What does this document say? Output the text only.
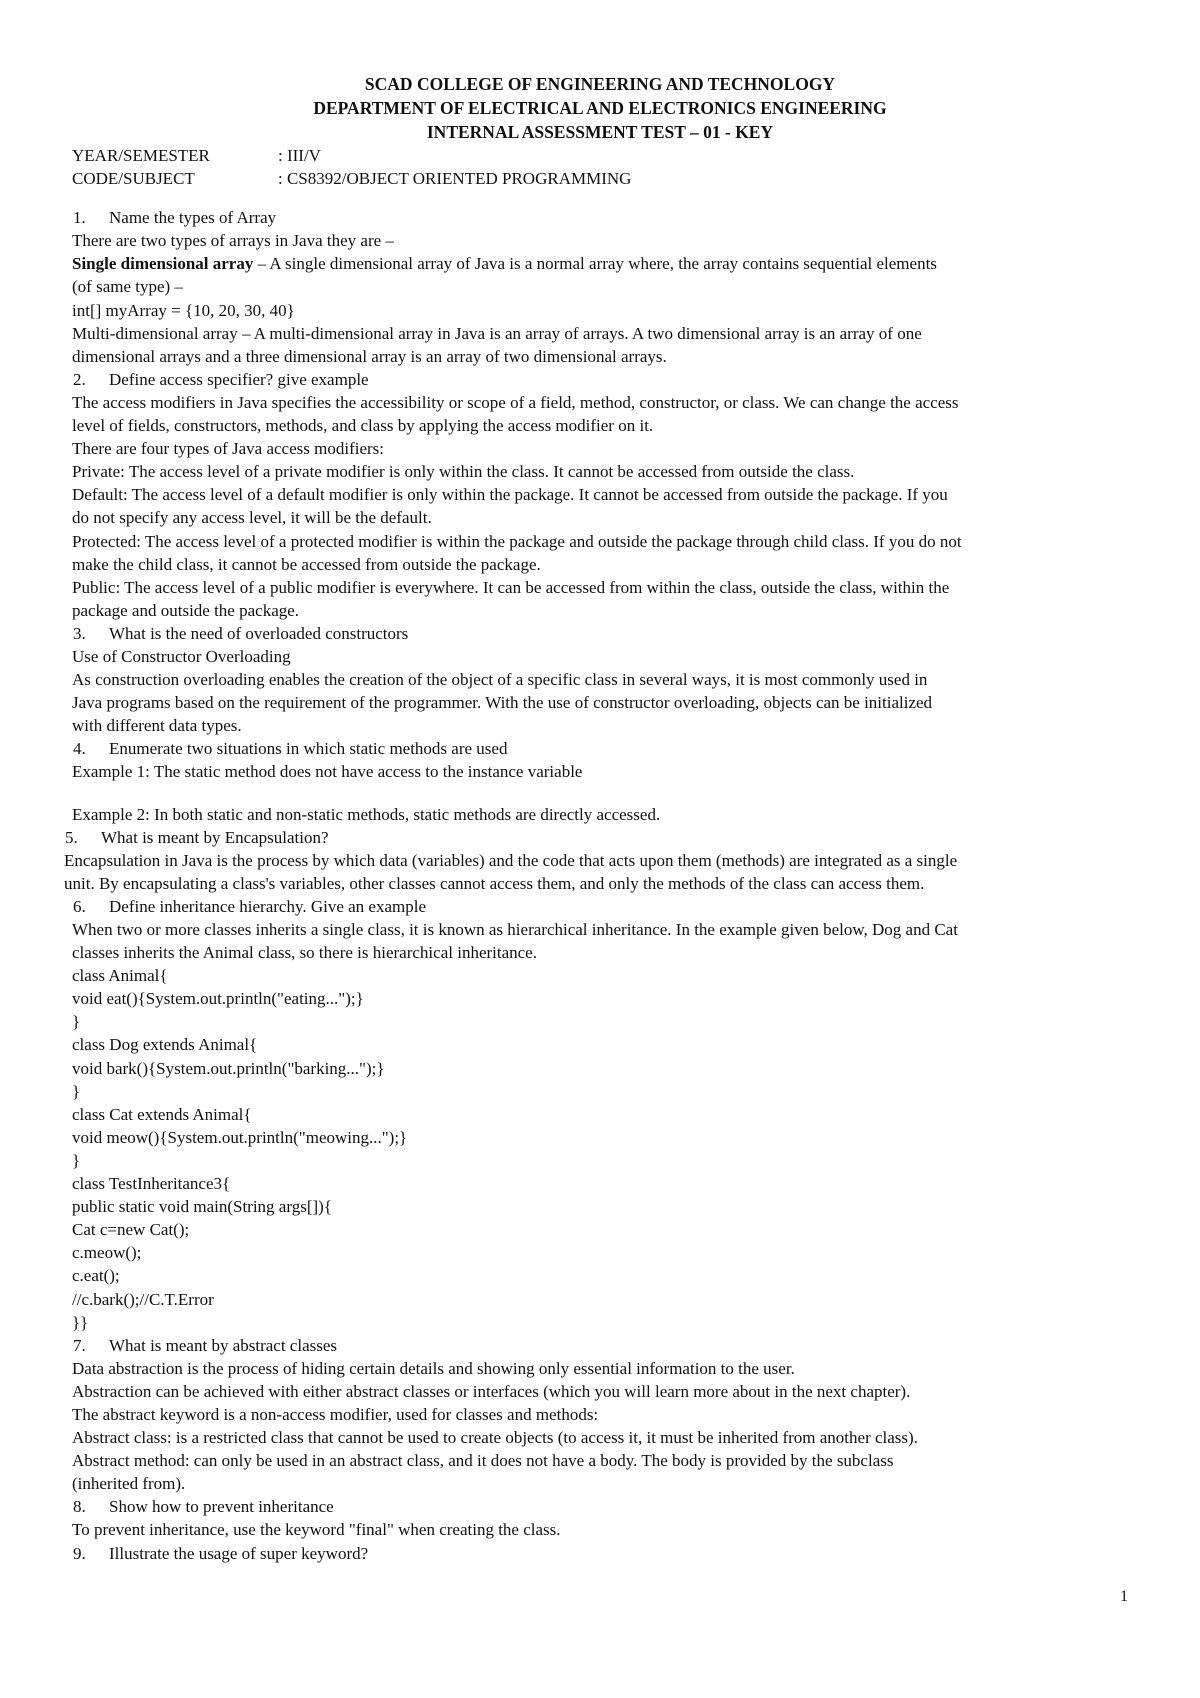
SCAD COLLEGE OF ENGINEERING AND TECHNOLOGY
DEPARTMENT OF ELECTRICAL AND ELECTRONICS ENGINEERING
INTERNAL ASSESSMENT TEST – 01 - KEY
YEAR/SEMESTER	: III/V
CODE/SUBJECT	: CS8392/OBJECT ORIENTED PROGRAMMING
1. Name the types of Array

There are two types of arrays in Java they are –

Single dimensional array – A single dimensional array of Java is a normal array where, the array contains sequential elements

(of same type) –

int[] myArray = {10, 20, 30, 40}

Multi-dimensional array – A multi-dimensional array in Java is an array of arrays. A two dimensional array is an array of one

dimensional arrays and a three dimensional array is an array of two dimensional arrays.

2. Define access specifier? give example

The access modifiers in Java specifies the accessibility or scope of a field, method, constructor, or class. We can change the access

level of fields, constructors, methods, and class by applying the access modifier on it.

There are four types of Java access modifiers:

Private: The access level of a private modifier is only within the class. It cannot be accessed from outside the class.

Default: The access level of a default modifier is only within the package. It cannot be accessed from outside the package. If you

do not specify any access level, it will be the default.

Protected: The access level of a protected modifier is within the package and outside the package through child class. If you do not

make the child class, it cannot be accessed from outside the package.

Public: The access level of a public modifier is everywhere. It can be accessed from within the class, outside the class, within the

package and outside the package.

3. What is the need of overloaded constructors

Use of Constructor Overloading

As construction overloading enables the creation of the object of a specific class in several ways, it is most commonly used in

Java programs based on the requirement of the programmer. With the use of constructor overloading, objects can be initialized

with different data types.

4. Enumerate two situations in which static methods are used

Example 1: The static method does not have access to the instance variable

Example 2: In both static and non-static methods, static methods are directly accessed.

5. What is meant by Encapsulation?

Encapsulation in Java is the process by which data (variables) and the code that acts upon them (methods) are integrated as a single

unit. By encapsulating a class's variables, other classes cannot access them, and only the methods of the class can access them.

6. Define inheritance hierarchy. Give an example

When two or more classes inherits a single class, it is known as hierarchical inheritance. In the example given below, Dog and Cat

classes inherits the Animal class, so there is hierarchical inheritance.

class Animal{

void eat(){System.out.println("eating...");}

}

class Dog extends Animal{

void bark(){System.out.println("barking...");}

}

class Cat extends Animal{

void meow(){System.out.println("meowing...");}

}

class TestInheritance3{

public static void main(String args[]){

Cat c=new Cat();

c.meow();

c.eat();

//c.bark();//C.T.Error

}}

7. What is meant by abstract classes

Data abstraction is the process of hiding certain details and showing only essential information to the user.

Abstraction can be achieved with either abstract classes or interfaces (which you will learn more about in the next chapter).

The abstract keyword is a non-access modifier, used for classes and methods:

Abstract class: is a restricted class that cannot be used to create objects (to access it, it must be inherited from another class).

Abstract method: can only be used in an abstract class, and it does not have a body. The body is provided by the subclass

(inherited from).

8. Show how to prevent inheritance

To prevent inheritance, use the keyword "final" when creating the class.

9. Illustrate the usage of super keyword?
1
